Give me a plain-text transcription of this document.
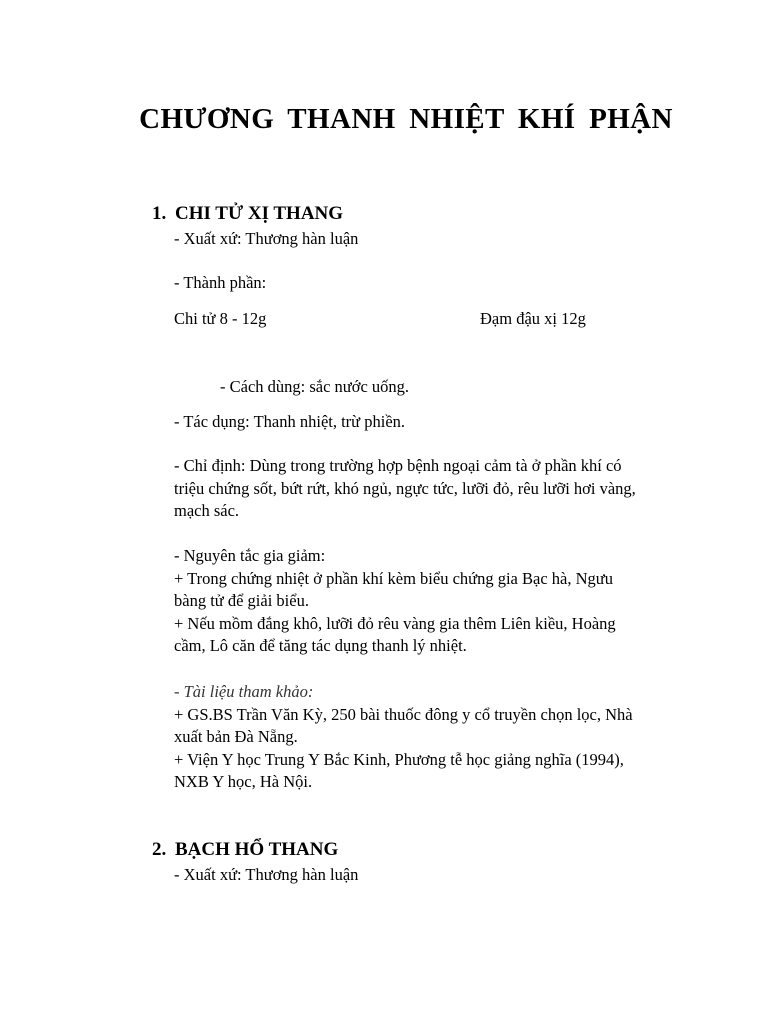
CHƯƠNG THANH NHIỆT KHÍ PHẬN
1. CHI TỬ XỊ THANG
- Xuất xứ: Thương hàn luận
- Thành phần:
Chi tử 8 - 12g	Đạm đậu xị 12g
- Cách dùng: sắc nước uống.
- Tác dụng: Thanh nhiệt, trừ phiền.
- Chỉ định: Dùng trong trường hợp bệnh ngoại cảm tà ở phần khí có
triệu chứng sốt, bứt rứt, khó ngủ, ngực tức, lưỡi đỏ, rêu lưỡi hơi vàng,
mạch sác.
- Nguyên tắc gia giảm:
+ Trong chứng nhiệt ở phần khí kèm biểu chứng gia Bạc hà, Ngưu
bàng tử để giải biểu.
+ Nếu mồm đắng khô, lưỡi đỏ rêu vàng gia thêm Liên kiều, Hoàng
cầm, Lô căn để tăng tác dụng thanh lý nhiệt.
- Tài liệu tham khảo:
+ GS.BS Trần Văn Kỳ, 250 bài thuốc đông y cổ truyền chọn lọc, Nhà
xuất bản Đà Nẵng.
+ Viện Y học Trung Y Bắc Kinh, Phương tễ học giảng nghĩa (1994),
NXB Y học, Hà Nội.
2. BẠCH HỔ THANG
- Xuất xứ: Thương hàn luận
